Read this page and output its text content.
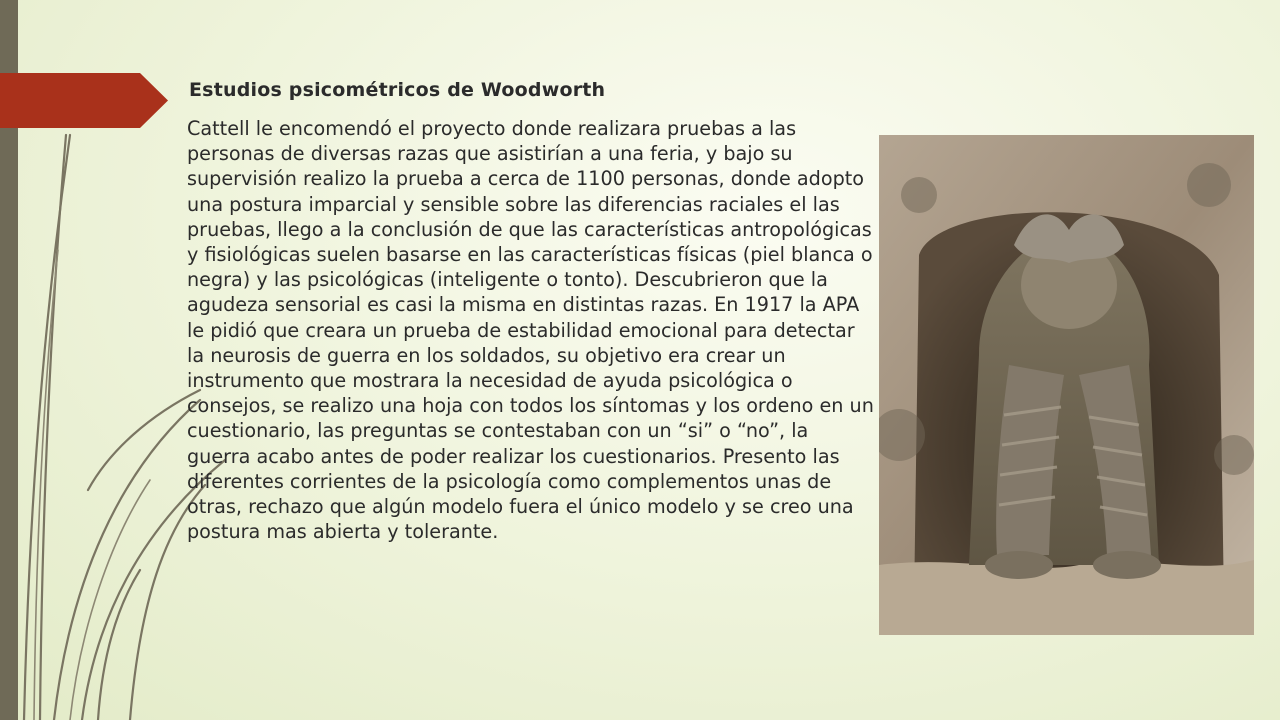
Estudios psicométricos de Woodworth

Cattell le encomendó el proyecto donde realizara pruebas a las personas de diversas razas que asistirían a una feria, y bajo su supervisión realizo la prueba a cerca de 1100 personas, donde adopto una postura imparcial y sensible sobre las diferencias raciales el las pruebas, llego a la conclusión de que las características antropológicas y fisiológicas suelen basarse en las características físicas (piel blanca o negra) y las psicológicas (inteligente o tonto). Descubrieron que la agudeza sensorial es casi la misma en distintas razas. En 1917 la APA le pidió que creara un prueba de estabilidad emocional para detectar la neurosis de guerra en los soldados, su objetivo era crear un instrumento que mostrara la necesidad de ayuda psicológica o consejos, se realizo una hoja con todos los síntomas y los ordeno en un cuestionario, las preguntas se contestaban con un “si” o “no”, la guerra acabo antes de poder realizar los cuestionarios. Presento las diferentes corrientes de la psicología como complementos unas de otras, rechazo que algún modelo fuera el único modelo y se creo una postura mas abierta y tolerante.
